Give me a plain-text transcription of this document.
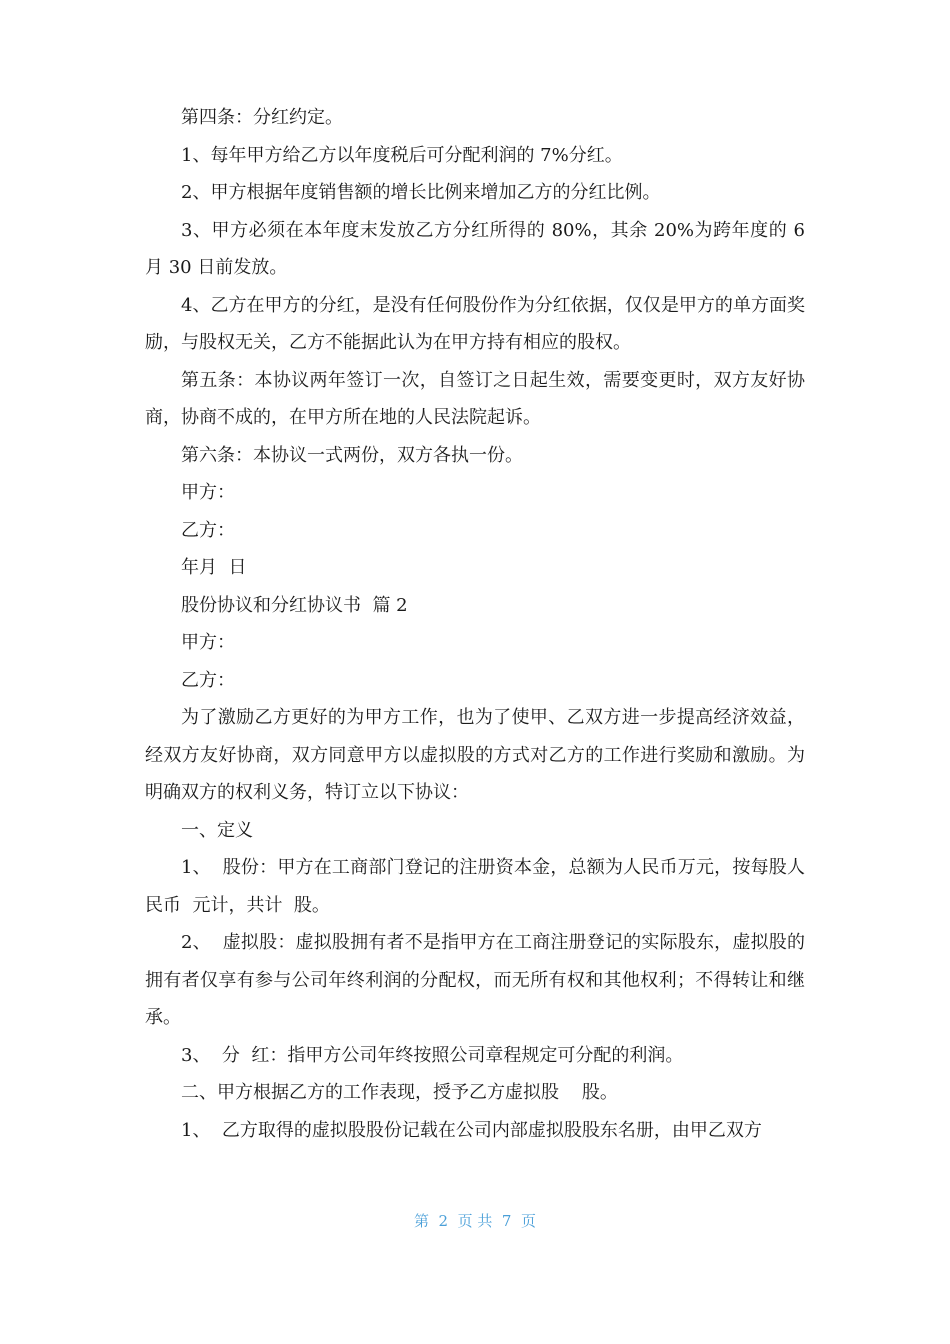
第四条：分红约定。

1、每年甲方给乙方以年度税后可分配利润的 7%分红。

2、甲方根据年度销售额的增长比例来增加乙方的分红比例。

3、甲方必须在本年度末发放乙方分红所得的 80%，其余 20%为跨年度的 6 月 30 日前发放。

4、乙方在甲方的分红，是没有任何股份作为分红依据，仅仅是甲方的单方面奖励，与股权无关，乙方不能据此认为在甲方持有相应的股权。

第五条：本协议两年签订一次，自签订之日起生效，需要变更时，双方友好协商，协商不成的，在甲方所在地的人民法院起诉。

第六条：本协议一式两份，双方各执一份。

甲方：

乙方：

年月  日

股份协议和分红协议书  篇 2

甲方：

乙方：

为了激励乙方更好的为甲方工作，也为了使甲、乙双方进一步提高经济效益，经双方友好协商，双方同意甲方以虚拟股的方式对乙方的工作进行奖励和激励。为明确双方的权利义务，特订立以下协议：

一、定义

1、  股份：甲方在工商部门登记的注册资本金，总额为人民币万元，按每股人民币  元计，共计  股。

2、  虚拟股：虚拟股拥有者不是指甲方在工商注册登记的实际股东，虚拟股的拥有者仅享有参与公司年终利润的分配权，而无所有权和其他权利；不得转让和继承。

3、  分  红：指甲方公司年终按照公司章程规定可分配的利润。

二、甲方根据乙方的工作表现，授予乙方虚拟股    股。

1、  乙方取得的虚拟股股份记载在公司内部虚拟股股东名册，由甲乙双方

第  2  页 共  7  页
